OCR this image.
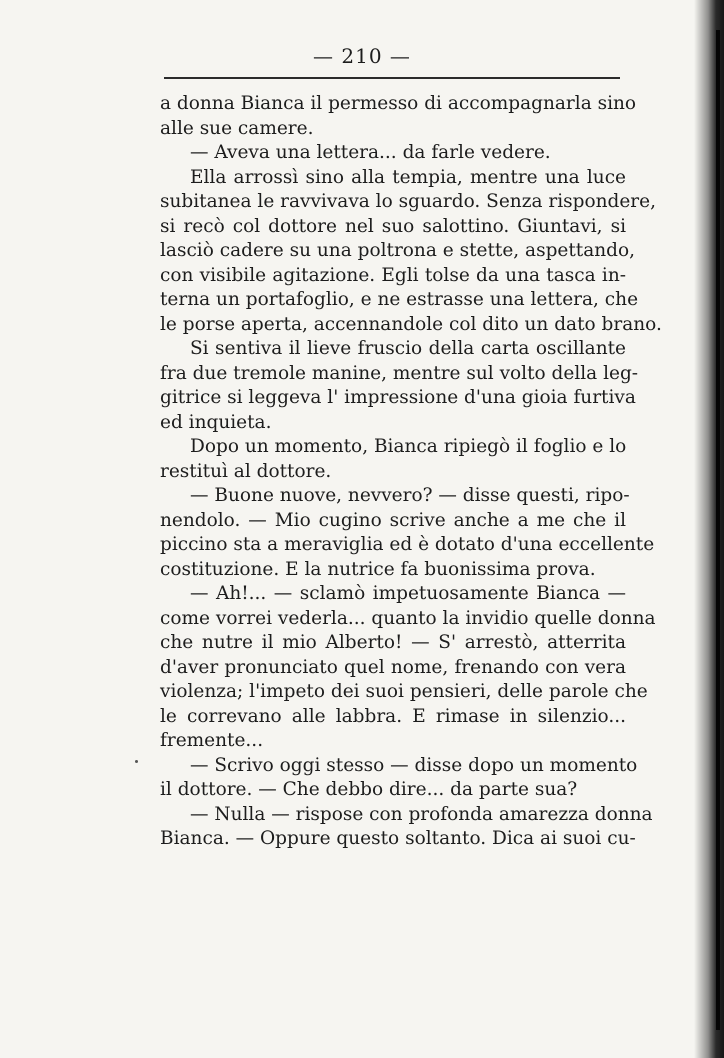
— 210 —
a donna Bianca il permesso di accompagnarla sino
alle sue camere.
— Aveva una lettera... da farle vedere.
Ella arrossì sino alla tempia, mentre una luce
subitanea le ravvivava lo sguardo. Senza rispondere,
si recò col dottore nel suo salottino. Giuntavi, si
lasciò cadere su una poltrona e stette, aspettando,
con visibile agitazione. Egli tolse da una tasca in-
terna un portafoglio, e ne estrasse una lettera, che
le porse aperta, accennandole col dito un dato brano.
Si sentiva il lieve fruscio della carta oscillante
fra due tremole manine, mentre sul volto della leg-
gitrice si leggeva l' impressione d'una gioia furtiva
ed inquieta.
Dopo un momento, Bianca ripiegò il foglio e lo
restituì al dottore.
— Buone nuove, nevvero? — disse questi, ripo-
nendolo. — Mio cugino scrive anche a me che il
piccino sta a meraviglia ed è dotato d'una eccellente
costituzione. E la nutrice fa buonissima prova.
— Ah!... — sclamò impetuosamente Bianca —
come vorrei vederla... quanto la invidio quelle donna
che nutre il mio Alberto! — S' arrestò, atterrita
d'aver pronunciato quel nome, frenando con vera
violenza; l'impeto dei suoi pensieri, delle parole che
le correvano alle labbra. E rimase in silenzio...
fremente...
— Scrivo oggi stesso — disse dopo un momento
il dottore. — Che debbo dire... da parte sua?
— Nulla — rispose con profonda amarezza donna
Bianca. — Oppure questo soltanto. Dica ai suoi cu-
